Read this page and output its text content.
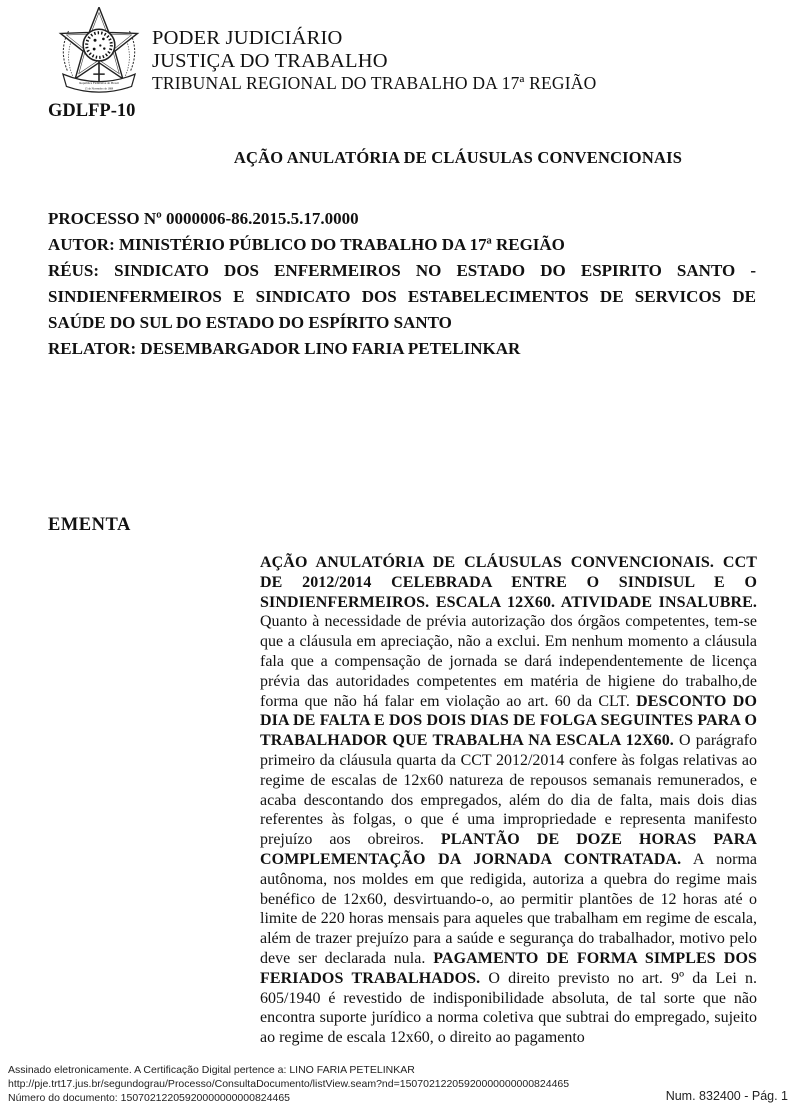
República Federativa do Brasil
15 de Novembro de 1889
PODER JUDICIÁRIO
JUSTIÇA DO TRABALHO
TRIBUNAL REGIONAL DO TRABALHO DA 17ª REGIÃO
GDLFP-10
AÇÃO ANULATÓRIA DE CLÁUSULAS CONVENCIONAIS

PROCESSO Nº 0000006-86.2015.5.17.0000

AUTOR: MINISTÉRIO PÚBLICO DO TRABALHO DA 17ª REGIÃO

RÉUS: SINDICATO DOS ENFERMEIROS NO ESTADO DO ESPIRITO SANTO - SINDIENFERMEIROS E SINDICATO DOS ESTABELECIMENTOS DE SERVICOS DE SAÚDE DO SUL DO ESTADO DO ESPÍRITO SANTO

RELATOR: DESEMBARGADOR LINO FARIA PETELINKAR

EMENTA
AÇÃO ANULATÓRIA DE CLÁUSULAS CONVENCIONAIS. CCT DE 2012/2014 CELEBRADA ENTRE O SINDISUL E O SINDIENFERMEIROS. ESCALA 12X60. ATIVIDADE INSALUBRE. Quanto à necessidade de prévia autorização dos órgãos competentes, tem-se que a cláusula em apreciação, não a exclui. Em nenhum momento a cláusula fala que a compensação de jornada se dará independentemente de licença prévia das autoridades competentes em matéria de higiene do trabalho,de forma que não há falar em violação ao art. 60 da CLT. DESCONTO DO DIA DE FALTA E DOS DOIS DIAS DE FOLGA SEGUINTES PARA O TRABALHADOR QUE TRABALHA NA ESCALA 12X60. O parágrafo primeiro da cláusula quarta da CCT 2012/2014 confere às folgas relativas ao regime de escalas de 12x60 natureza de repousos semanais remunerados, e acaba descontando dos empregados, além do dia de falta, mais dois dias referentes às folgas, o que é uma impropriedade e representa manifesto prejuízo aos obreiros. PLANTÃO DE DOZE HORAS PARA COMPLEMENTAÇÃO DA JORNADA CONTRATADA. A norma autônoma, nos moldes em que redigida, autoriza a quebra do regime mais benéfico de 12x60, desvirtuando-o, ao permitir plantões de 12 horas até o limite de 220 horas mensais para aqueles que trabalham em regime de escala, além de trazer prejuízo para a saúde e segurança do trabalhador, motivo pelo deve ser declarada nula. PAGAMENTO DE FORMA SIMPLES DOS FERIADOS TRABALHADOS. O direito previsto no art. 9º da Lei n. 605/1940 é revestido de indisponibilidade absoluta, de tal sorte que não encontra suporte jurídico a norma coletiva que subtrai do empregado, sujeito ao regime de escala 12x60, o direito ao pagamento
Assinado eletronicamente. A Certificação Digital pertence a: LINO FARIA PETELINKAR
http://pje.trt17.jus.br/segundograu/Processo/ConsultaDocumento/listView.seam?nd=15070212205920000000000824465
Número do documento: 15070212205920000000000824465	Num. 832400 - Pág. 1
